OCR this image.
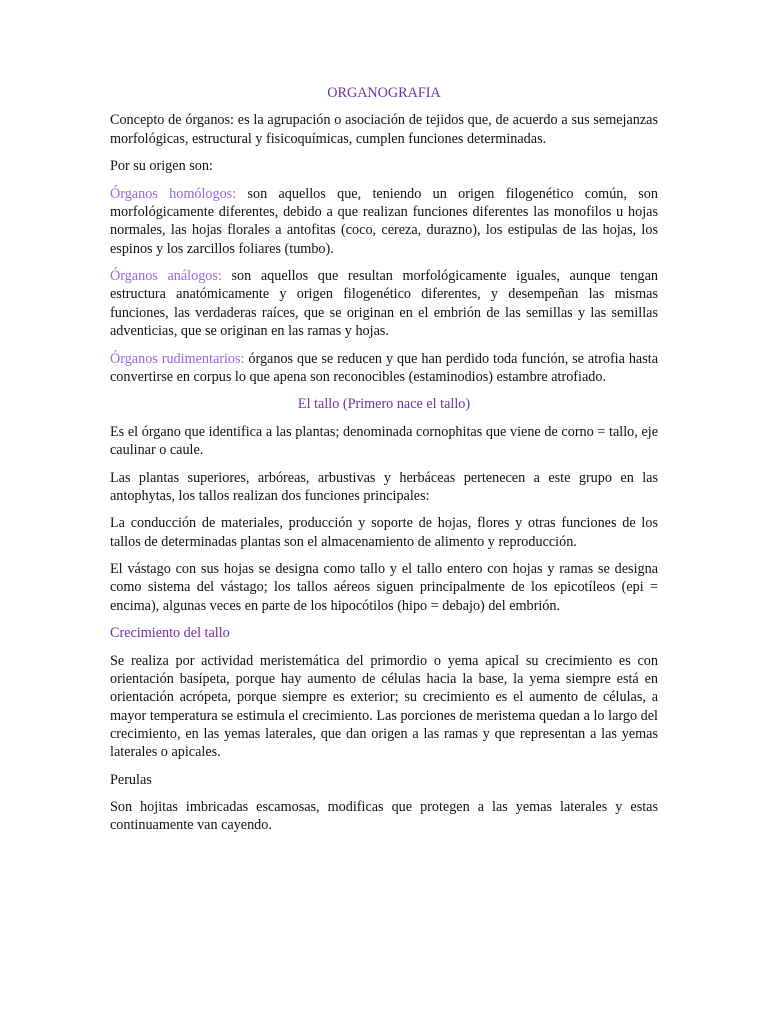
ORGANOGRAFIA

Concepto de órganos: es la agrupación o asociación de tejidos que, de acuerdo a sus semejanzas morfológicas, estructural y fisicoquímicas, cumplen funciones determinadas.

Por su origen son:

Órganos homólogos: son aquellos que, teniendo un origen filogenético común, son morfológicamente diferentes, debido a que realizan funciones diferentes las monofilos u hojas normales, las hojas florales a antofitas (coco, cereza, durazno), los estipulas de las hojas, los espinos y los zarcillos foliares (tumbo).

Órganos análogos: son aquellos que resultan morfológicamente iguales, aunque tengan estructura anatómicamente y origen filogenético diferentes, y desempeñan las mismas funciones, las verdaderas raíces, que se originan en el embrión de las semillas y las semillas adventicias, que se originan en las ramas y hojas.

Órganos rudimentarios: órganos que se reducen y que han perdido toda función, se atrofia hasta convertirse en corpus lo que apena son reconocibles (estaminodios) estambre atrofiado.

El tallo (Primero nace el tallo)

Es el órgano que identifica a las plantas; denominada cornophitas que viene de corno = tallo, eje caulinar o caule.

Las plantas superiores, arbóreas, arbustivas y herbáceas pertenecen a este grupo en las antophytas, los tallos realizan dos funciones principales:

La conducción de materiales, producción y soporte de hojas, flores y otras funciones de los tallos de determinadas plantas son el almacenamiento de alimento y reproducción.

El vástago con sus hojas se designa como tallo y el tallo entero con hojas y ramas se designa como sistema del vástago; los tallos aéreos siguen principalmente de los epicotíleos (epi = encima), algunas veces en parte de los hipocótilos (hipo = debajo) del embrión.

Crecimiento del tallo

Se realiza por actividad meristemática del primordio o yema apical su crecimiento es con orientación basípeta, porque hay aumento de células hacia la base, la yema siempre está en orientación acrópeta, porque siempre es exterior; su crecimiento es el aumento de células, a mayor temperatura se estimula el crecimiento. Las porciones de meristema quedan a lo largo del crecimiento, en las yemas laterales, que dan origen a las ramas y que representan a las yemas laterales o apicales.

Perulas

Son hojitas imbricadas escamosas, modificas que protegen a las yemas laterales y estas continuamente van cayendo.
